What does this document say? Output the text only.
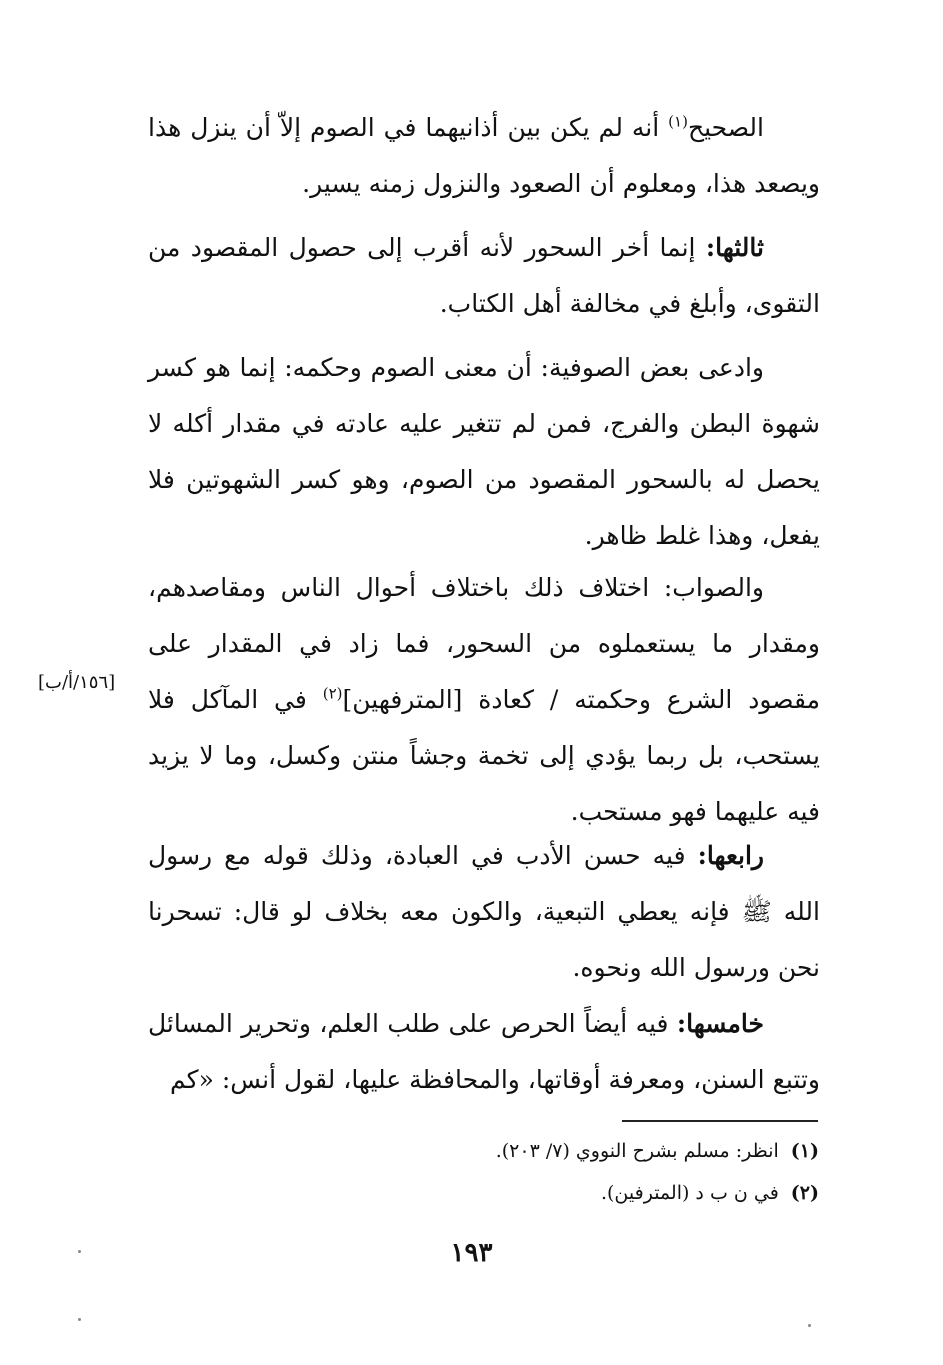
الصحيح$^{(١)}$ أنه لم يكن بين أذانيهما في الصوم إلاّ أن ينزل هذا ويصعد هذا، ومعلوم أن الصعود والنزول زمنه يسير.

ثالثها: إنما أخر السحور لأنه أقرب إلى حصول المقصود من التقوى، وأبلغ في مخالفة أهل الكتاب.

وادعى بعض الصوفية: أن معنى الصوم وحكمه: إنما هو كسر شهوة البطن والفرج، فمن لم تتغير عليه عادته في مقدار أكله لا يحصل له بالسحور المقصود من الصوم، وهو كسر الشهوتين فلا يفعل، وهذا غلط ظاهر.

والصواب: اختلاف ذلك باختلاف أحوال الناس ومقاصدهم، ومقدار ما يستعملوه من السحور، فما زاد في المقدار على مقصود الشرع وحكمته / كعادة [المترفهين]$^{(٢)}$ في المآكل فلا يستحب، بل ربما يؤدي إلى تخمة وجشاً منتن وكسل، وما لا يزيد فيه عليهما فهو مستحب.

رابعها: فيه حسن الأدب في العبادة، وذلك قوله مع رسول الله ﷺ فإنه يعطي التبعية، والكون معه بخلاف لو قال: تسحرنا نحن ورسول الله ونحوه.

خامسها: فيه أيضاً الحرص على طلب العلم، وتحرير المسائل وتتبع السنن، ومعرفة أوقاتها، والمحافظة عليها، لقول أنس: «كم

[١٥٦/أ/ب]
(١)انظر: مسلم بشرح النووي (٧/ ٢٠٣).
(٢)في ن ب د (المترفين).
١٩٣
